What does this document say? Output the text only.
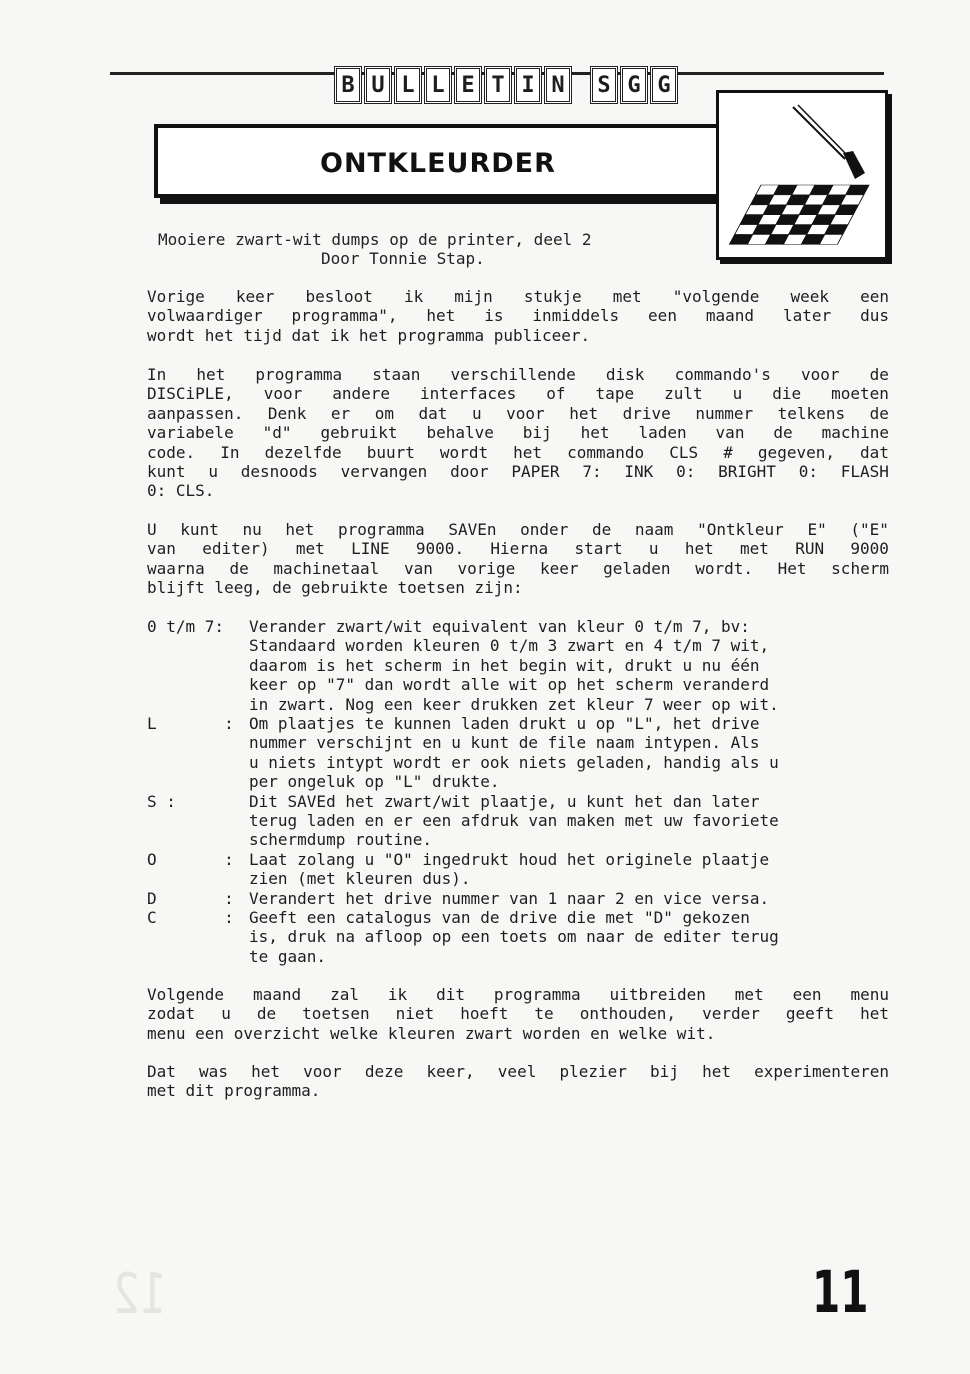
12
B U L L E T I N	S G G
ONTKLEURDER
Mooiere zwart-wit dumps op de printer, deel 2
Door Tonnie Stap.
Vorige keer besloot ik mijn stukje met "volgende week een
volwaardiger programma", het is inmiddels een maand later dus
wordt het tijd dat ik het programma publiceer.
In het programma staan verschillende disk commando's voor de
DISCiPLE, voor andere interfaces of tape zult u die moeten
aanpassen. Denk er om dat u voor het drive nummer telkens de
variabele "d" gebruikt behalve bij het laden van de machine
code. In dezelfde buurt wordt het commando CLS # gegeven, dat
kunt u desnoods vervangen door PAPER 7: INK 0: BRIGHT 0: FLASH
0: CLS.
U kunt nu het programma SAVEn onder de naam "Ontkleur E" ("E"
van editer) met LINE 9000. Hierna start u het met RUN 9000
waarna de machinetaal van vorige keer geladen wordt. Het scherm
blijft leeg, de gebruikte toetsen zijn:
0 t/m 7:	Verander zwart/wit equivalent van kleur 0 t/m 7, bv:
Standaard worden kleuren 0 t/m 3 zwart en 4 t/m 7 wit,
daarom is het scherm in het begin wit, drukt u nu één
keer op "7" dan wordt alle wit op het scherm veranderd
in zwart. Nog een keer drukken zet kleur 7 weer op wit.
L       : Om plaatjes te kunnen laden drukt u op "L", het drive
nummer verschijnt en u kunt de file naam intypen. Als
u niets intypt wordt er ook niets geladen, handig als u
per ongeluk op "L" drukte.
S :	Dit SAVEd het zwart/wit plaatje, u kunt het dan later
terug laden en er een afdruk van maken met uw favoriete
schermdump routine.
O       : Laat zolang u "O" ingedrukt houd het originele plaatje
zien (met kleuren dus).
D       : Verandert het drive nummer van 1 naar 2 en vice versa.
C       : Geeft een catalogus van de drive die met "D" gekozen
is, druk na afloop op een toets om naar de editer terug
te gaan.
Volgende maand zal ik dit programma uitbreiden met een menu
zodat u de toetsen niet hoeft te onthouden, verder geeft het
menu een overzicht welke kleuren zwart worden en welke wit.
Dat was het voor deze keer, veel plezier bij het experimenteren
met dit programma.
11
